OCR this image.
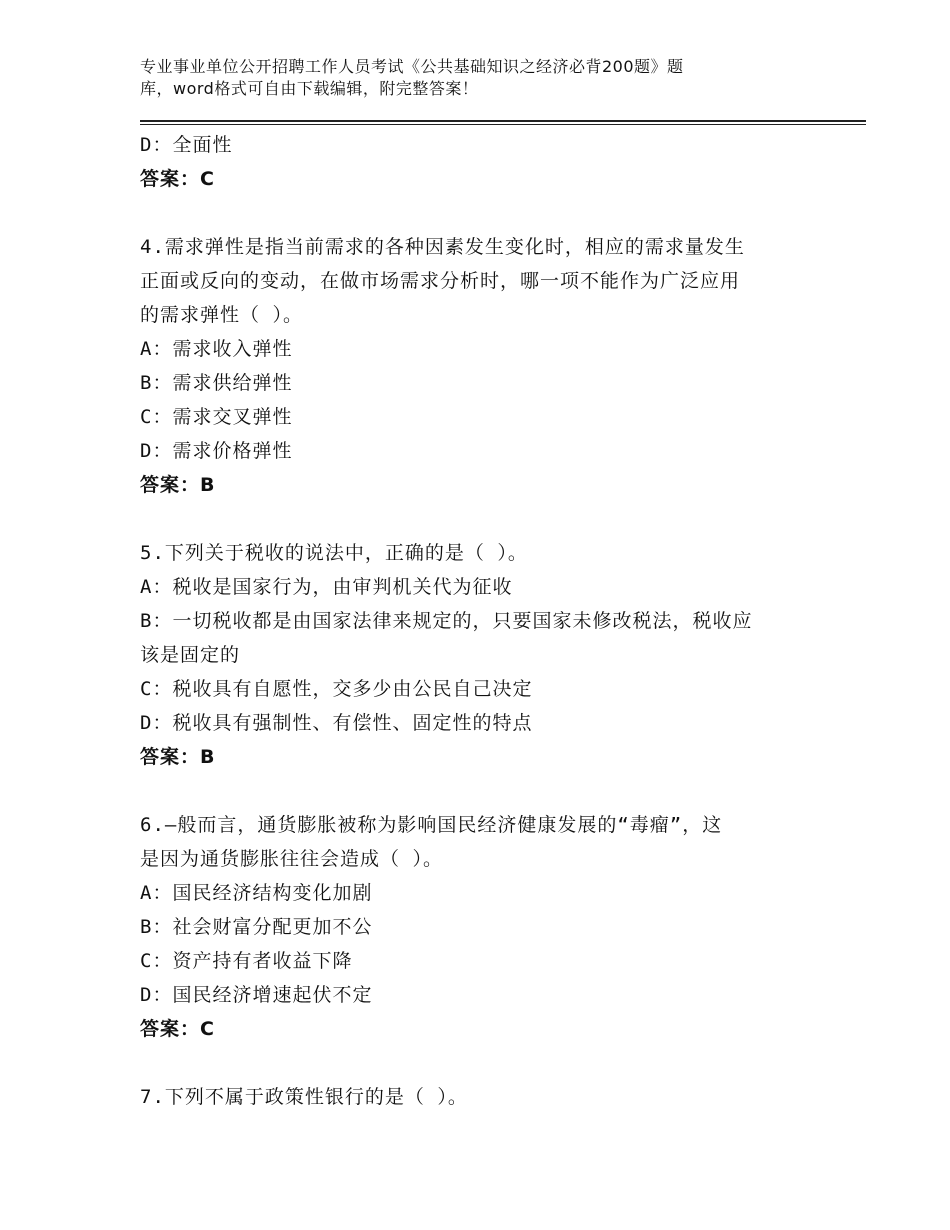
专业事业单位公开招聘工作人员考试《公共基础知识之经济必背200题》题
库，word格式可自由下载编辑，附完整答案！
D：全面性
答案：C
4.需求弹性是指当前需求的各种因素发生变化时，相应的需求量发生
正面或反向的变动，在做市场需求分析时，哪一项不能作为广泛应用
的需求弹性（ ）。
A：需求收入弹性
B：需求供给弹性
C：需求交叉弹性
D：需求价格弹性
答案：B
5.下列关于税收的说法中，正确的是（ ）。
A：税收是国家行为，由审判机关代为征收
B：一切税收都是由国家法律来规定的，只要国家未修改税法，税收应
该是固定的
C：税收具有自愿性，交多少由公民自己决定
D：税收具有强制性、有偿性、固定性的特点
答案：B
6.—般而言，通货膨胀被称为影响国民经济健康发展的“毒瘤”，这
是因为通货膨胀往往会造成（ ）。
A：国民经济结构变化加剧
B：社会财富分配更加不公
C：资产持有者收益下降
D：国民经济增速起伏不定
答案：C
7.下列不属于政策性银行的是（ ）。
